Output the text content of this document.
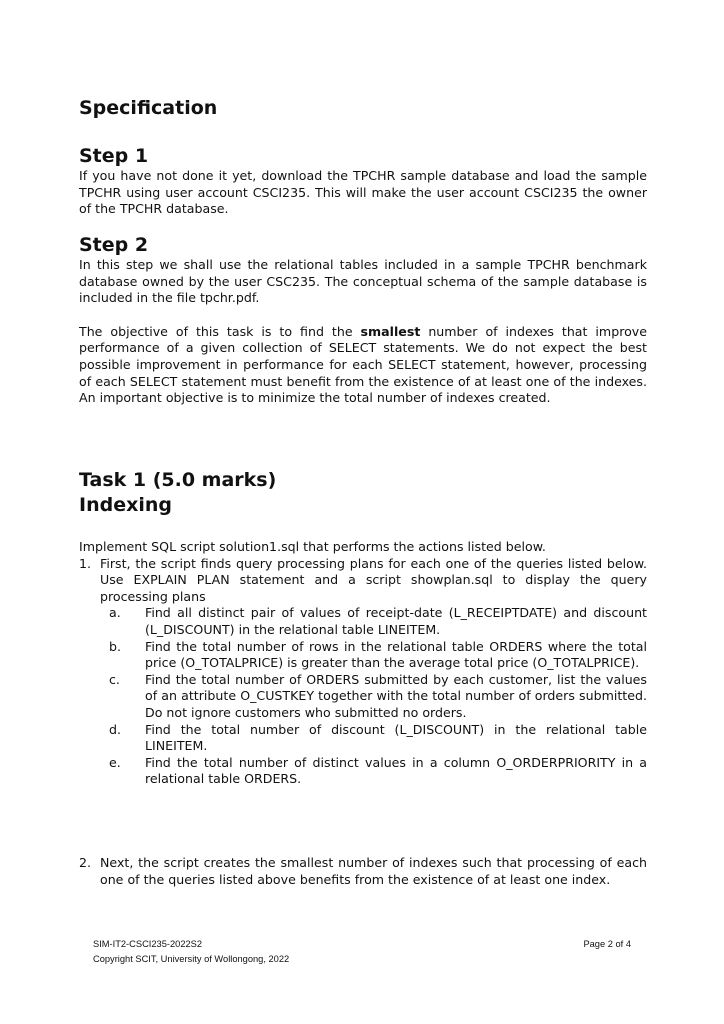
Specification
Step 1

If you have not done it yet, download the TPCHR sample database and load the sample TPCHR using user account CSCI235. This will make the user account CSCI235 the owner of the TPCHR database.

Step 2

In this step we shall use the relational tables included in a sample TPCHR benchmark database owned by the user CSC235. The conceptual schema of the sample database is included in the file tpchr.pdf.

The objective of this task is to find the smallest number of indexes that improve performance of a given collection of SELECT statements. We do not expect the best possible improvement in performance for each SELECT statement, however, processing of each SELECT statement must benefit from the existence of at least one of the indexes. An important objective is to minimize the total number of indexes created.

Task 1 (5.0 marks)
Indexing

Implement SQL script solution1.sql that performs the actions listed below.

1. First, the script finds query processing plans for each one of the queries listed below. Use EXPLAIN PLAN statement and a script showplan.sql to display the query processing plans
a. Find all distinct pair of values of receipt-date (L_RECEIPTDATE) and discount (L_DISCOUNT) in the relational table LINEITEM.
b. Find the total number of rows in the relational table ORDERS where the total price (O_TOTALPRICE) is greater than the average total price (O_TOTALPRICE).
c. Find the total number of ORDERS submitted by each customer, list the values of an attribute O_CUSTKEY together with the total number of orders submitted. Do not ignore customers who submitted no orders.
d. Find the total number of discount (L_DISCOUNT) in the relational table LINEITEM.
e. Find the total number of distinct values in a column O_ORDERPRIORITY in a relational table ORDERS.
2. Next, the script creates the smallest number of indexes such that processing of each one of the queries listed above benefits from the existence of at least one index.
SIM-IT2-CSCI235-2022S2
Copyright SCIT, University of Wollongong, 2022
Page 2 of 4
